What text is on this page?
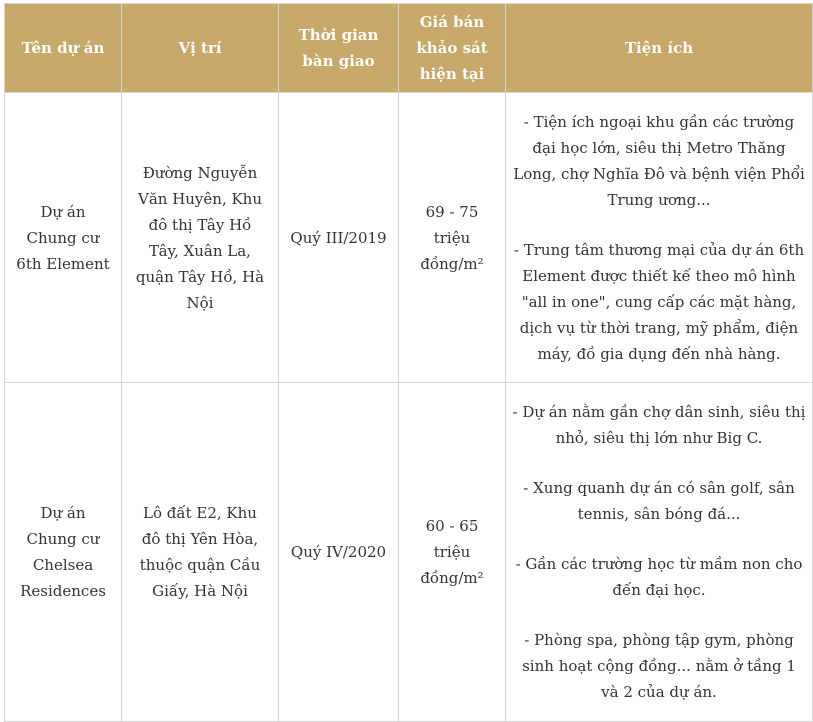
Tên dự án	Vị trí	Thời gian bàn giao	Giá bán khảo sát hiện tại	Tiện ích
Dự án Chung cư 6th Element	Đường Nguyễn Văn Huyên, Khu đô thị Tây Hồ Tây, Xuân La, quận Tây Hồ, Hà Nội	Quý III/2019	69 - 75 triệu đồng/m²	- Tiện ích ngoại khu gần các trường đại học lớn, siêu thị Metro Thăng Long, chợ Nghĩa Đô và bệnh viện Phổi Trung ương...

- Trung tâm thương mại của dự án 6th Element được thiết kế theo mô hình "all in one", cung cấp các mặt hàng, dịch vụ từ thời trang, mỹ phẩm, điện máy, đồ gia dụng đến nhà hàng.

Dự án Chung cư Chelsea Residences	Lô đất E2, Khu đô thị Yên Hòa, thuộc quận Cầu Giấy, Hà Nội	Quý IV/2020	60 - 65 triệu đồng/m²	- Dự án nằm gần chợ dân sinh, siêu thị nhỏ, siêu thị lớn như Big C.

- Xung quanh dự án có sân golf, sân tennis, sân bóng đá...

- Gần các trường học từ mầm non cho đến đại học.

- Phòng spa, phòng tập gym, phòng sinh hoạt cộng đồng... nằm ở tầng 1 và 2 của dự án.
